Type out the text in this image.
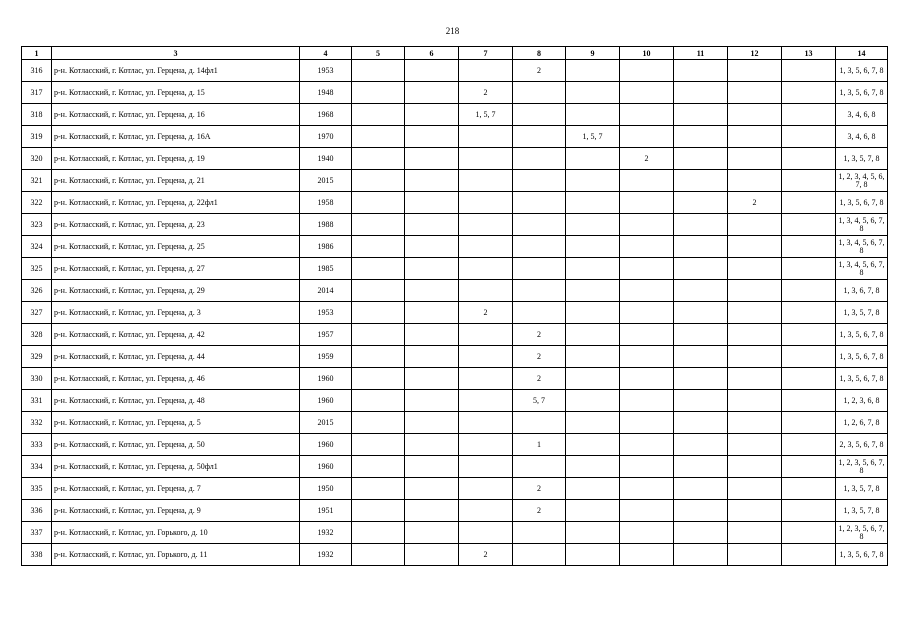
218
1	3	4	5	6	7	8	9	10	11	12	13	14
316	р-н. Котласский, г. Котлас, ул. Герцена, д. 14фл1	1953				2						1, 3, 5, 6, 7, 8
317	р-н. Котласский, г. Котлас, ул. Герцена, д. 15	1948			2							1, 3, 5, 6, 7, 8
318	р-н. Котласский, г. Котлас, ул. Герцена, д. 16	1968			1, 5, 7							3, 4, 6, 8
319	р-н. Котласский, г. Котлас, ул. Герцена, д. 16А	1970					1, 5, 7					3, 4, 6, 8
320	р-н. Котласский, г. Котлас, ул. Герцена, д. 19	1940						2				1, 3, 5, 7, 8
321	р-н. Котласский, г. Котлас, ул. Герцена, д. 21	2015										1, 2, 3, 4, 5, 6, 7, 8
322	р-н. Котласский, г. Котлас, ул. Герцена, д. 22фл1	1958								2		1, 3, 5, 6, 7, 8
323	р-н. Котласский, г. Котлас, ул. Герцена, д. 23	1988										1, 3, 4, 5, 6, 7, 8
324	р-н. Котласский, г. Котлас, ул. Герцена, д. 25	1986										1, 3, 4, 5, 6, 7, 8
325	р-н. Котласский, г. Котлас, ул. Герцена, д. 27	1985										1, 3, 4, 5, 6, 7, 8
326	р-н. Котласский, г. Котлас, ул. Герцена, д. 29	2014										1, 3, 6, 7, 8
327	р-н. Котласский, г. Котлас, ул. Герцена, д. 3	1953			2							1, 3, 5, 7, 8
328	р-н. Котласский, г. Котлас, ул. Герцена, д. 42	1957				2						1, 3, 5, 6, 7, 8
329	р-н. Котласский, г. Котлас, ул. Герцена, д. 44	1959				2						1, 3, 5, 6, 7, 8
330	р-н. Котласский, г. Котлас, ул. Герцена, д. 46	1960				2						1, 3, 5, 6, 7, 8
331	р-н. Котласский, г. Котлас, ул. Герцена, д. 48	1960				5, 7						1, 2, 3, 6, 8
332	р-н. Котласский, г. Котлас, ул. Герцена, д. 5	2015										1, 2, 6, 7, 8
333	р-н. Котласский, г. Котлас, ул. Герцена, д. 50	1960				1						2, 3, 5, 6, 7, 8
334	р-н. Котласский, г. Котлас, ул. Герцена, д. 50фл1	1960										1, 2, 3, 5, 6, 7, 8
335	р-н. Котласский, г. Котлас, ул. Герцена, д. 7	1950				2						1, 3, 5, 7, 8
336	р-н. Котласский, г. Котлас, ул. Герцена, д. 9	1951				2						1, 3, 5, 7, 8
337	р-н. Котласский, г. Котлас, ул. Горького, д. 10	1932										1, 2, 3, 5, 6, 7, 8
338	р-н. Котласский, г. Котлас, ул. Горького, д. 11	1932			2							1, 3, 5, 6, 7, 8
